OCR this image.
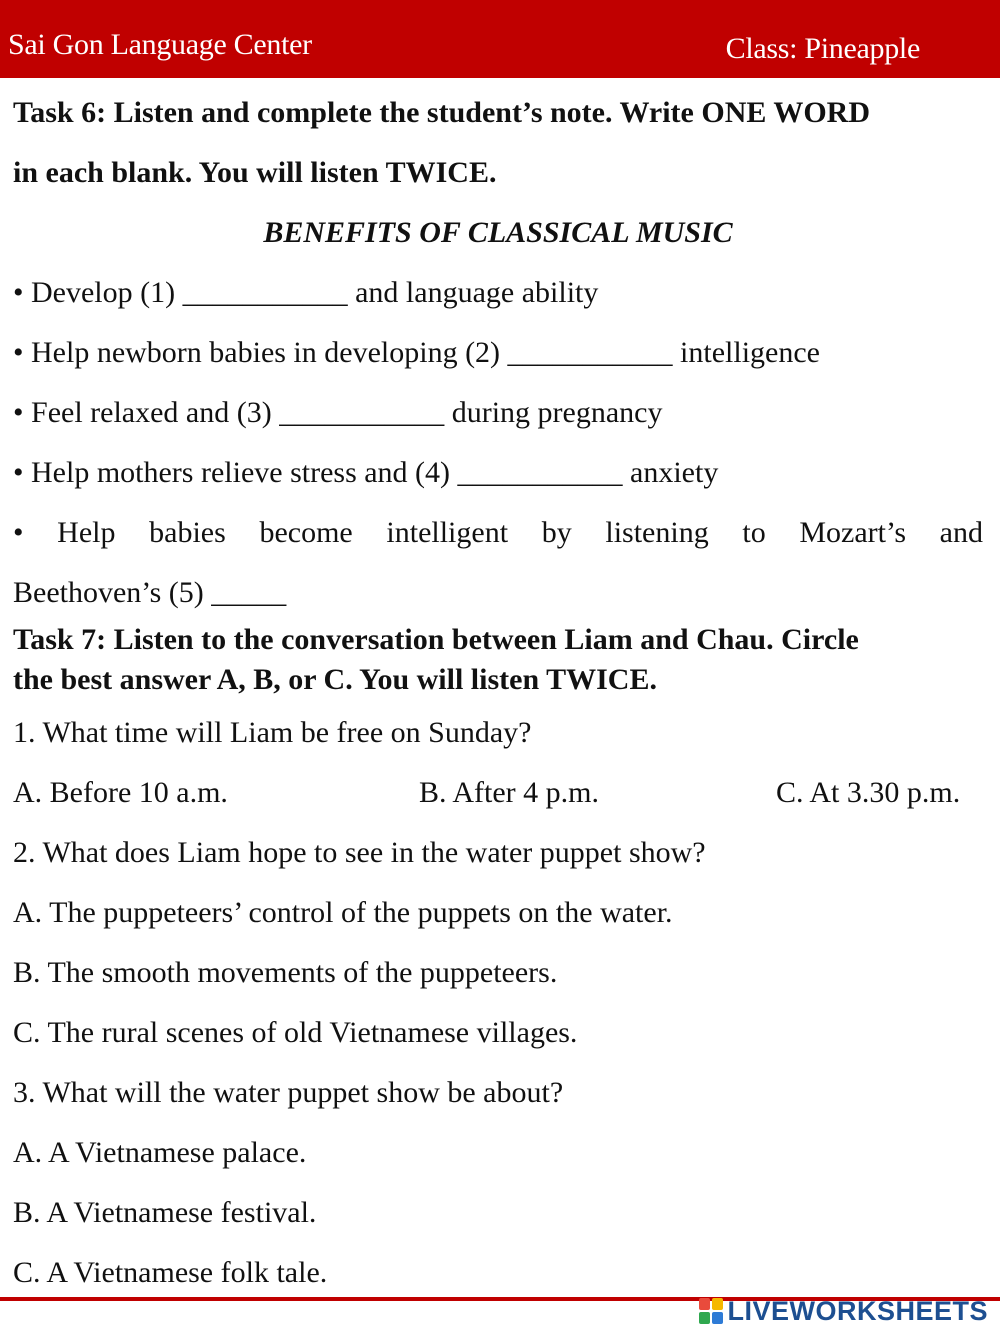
Sai Gon Language Center	Class: Pineapple
Task 6: Listen and complete the student’s note. Write ONE WORD
in each blank. You will listen TWICE.
BENEFITS OF CLASSICAL MUSIC
• Develop (1) ___________ and language ability
• Help newborn babies in developing (2) ___________ intelligence
• Feel relaxed and (3) ___________ during pregnancy
• Help mothers relieve stress and (4) ___________ anxiety
• Help babies become intelligent by listening to Mozart’s and
Beethoven’s (5) _____
Task 7: Listen to the conversation between Liam and Chau. Circle
the best answer A, B, or C. You will listen TWICE.
1. What time will Liam be free on Sunday?
A. Before 10 a.m.	B. After 4 p.m.	C. At 3.30 p.m.
2. What does Liam hope to see in the water puppet show?
A. The puppeteers’ control of the puppets on the water.
B. The smooth movements of the puppeteers.
C. The rural scenes of old Vietnamese villages.
3. What will the water puppet show be about?
A. A Vietnamese palace.
B. A Vietnamese festival.
C. A Vietnamese folk tale.
LIVEWORKSHEETS
